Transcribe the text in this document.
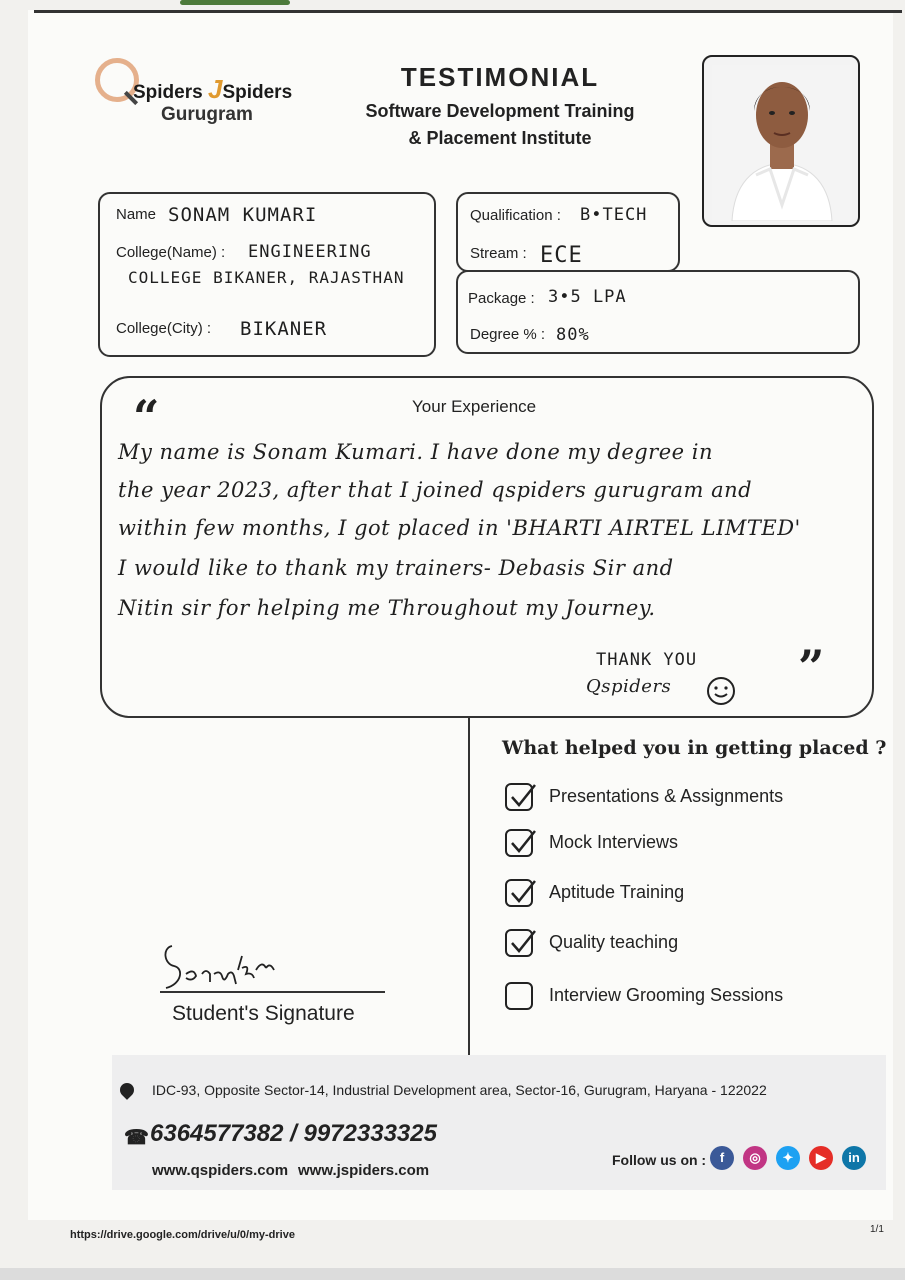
Spiders JSpiders
Gurugram
TESTIMONIAL
Software Development Training
& Placement Institute
Name SONAM KUMARI
College(Name) : ENGINEERING
COLLEGE BIKANER, RAJASTHAN
College(City) : BIKANER
Qualification : B•TECH
Stream : ECE
Package : 3•5 LPA
Degree % : 80%
Your Experience
“
My name is Sonam Kumari. I have done my degree in
the year 2023, after that I joined qspiders gurugram and
within few months, I got placed in 'BHARTI AIRTEL LIMTED'
I would like to thank my trainers- Debasis Sir and
Nitin sir for helping me Throughout my Journey.
THANK YOU
Qspiders	”
What helped you in getting placed ?
Presentations & Assignments
Mock Interviews
Aptitude Training
Quality teaching
Interview Grooming Sessions
Student's Signature
IDC-93, Opposite Sector-14, Industrial Development area, Sector-16, Gurugram, Haryana - 122022
☎ 6364577382 / 9972333325
www.qspiders.com www.jspiders.com
Follow us on :	f	◎	✦	▶	in
https://drive.google.com/drive/u/0/my-drive	1/1
